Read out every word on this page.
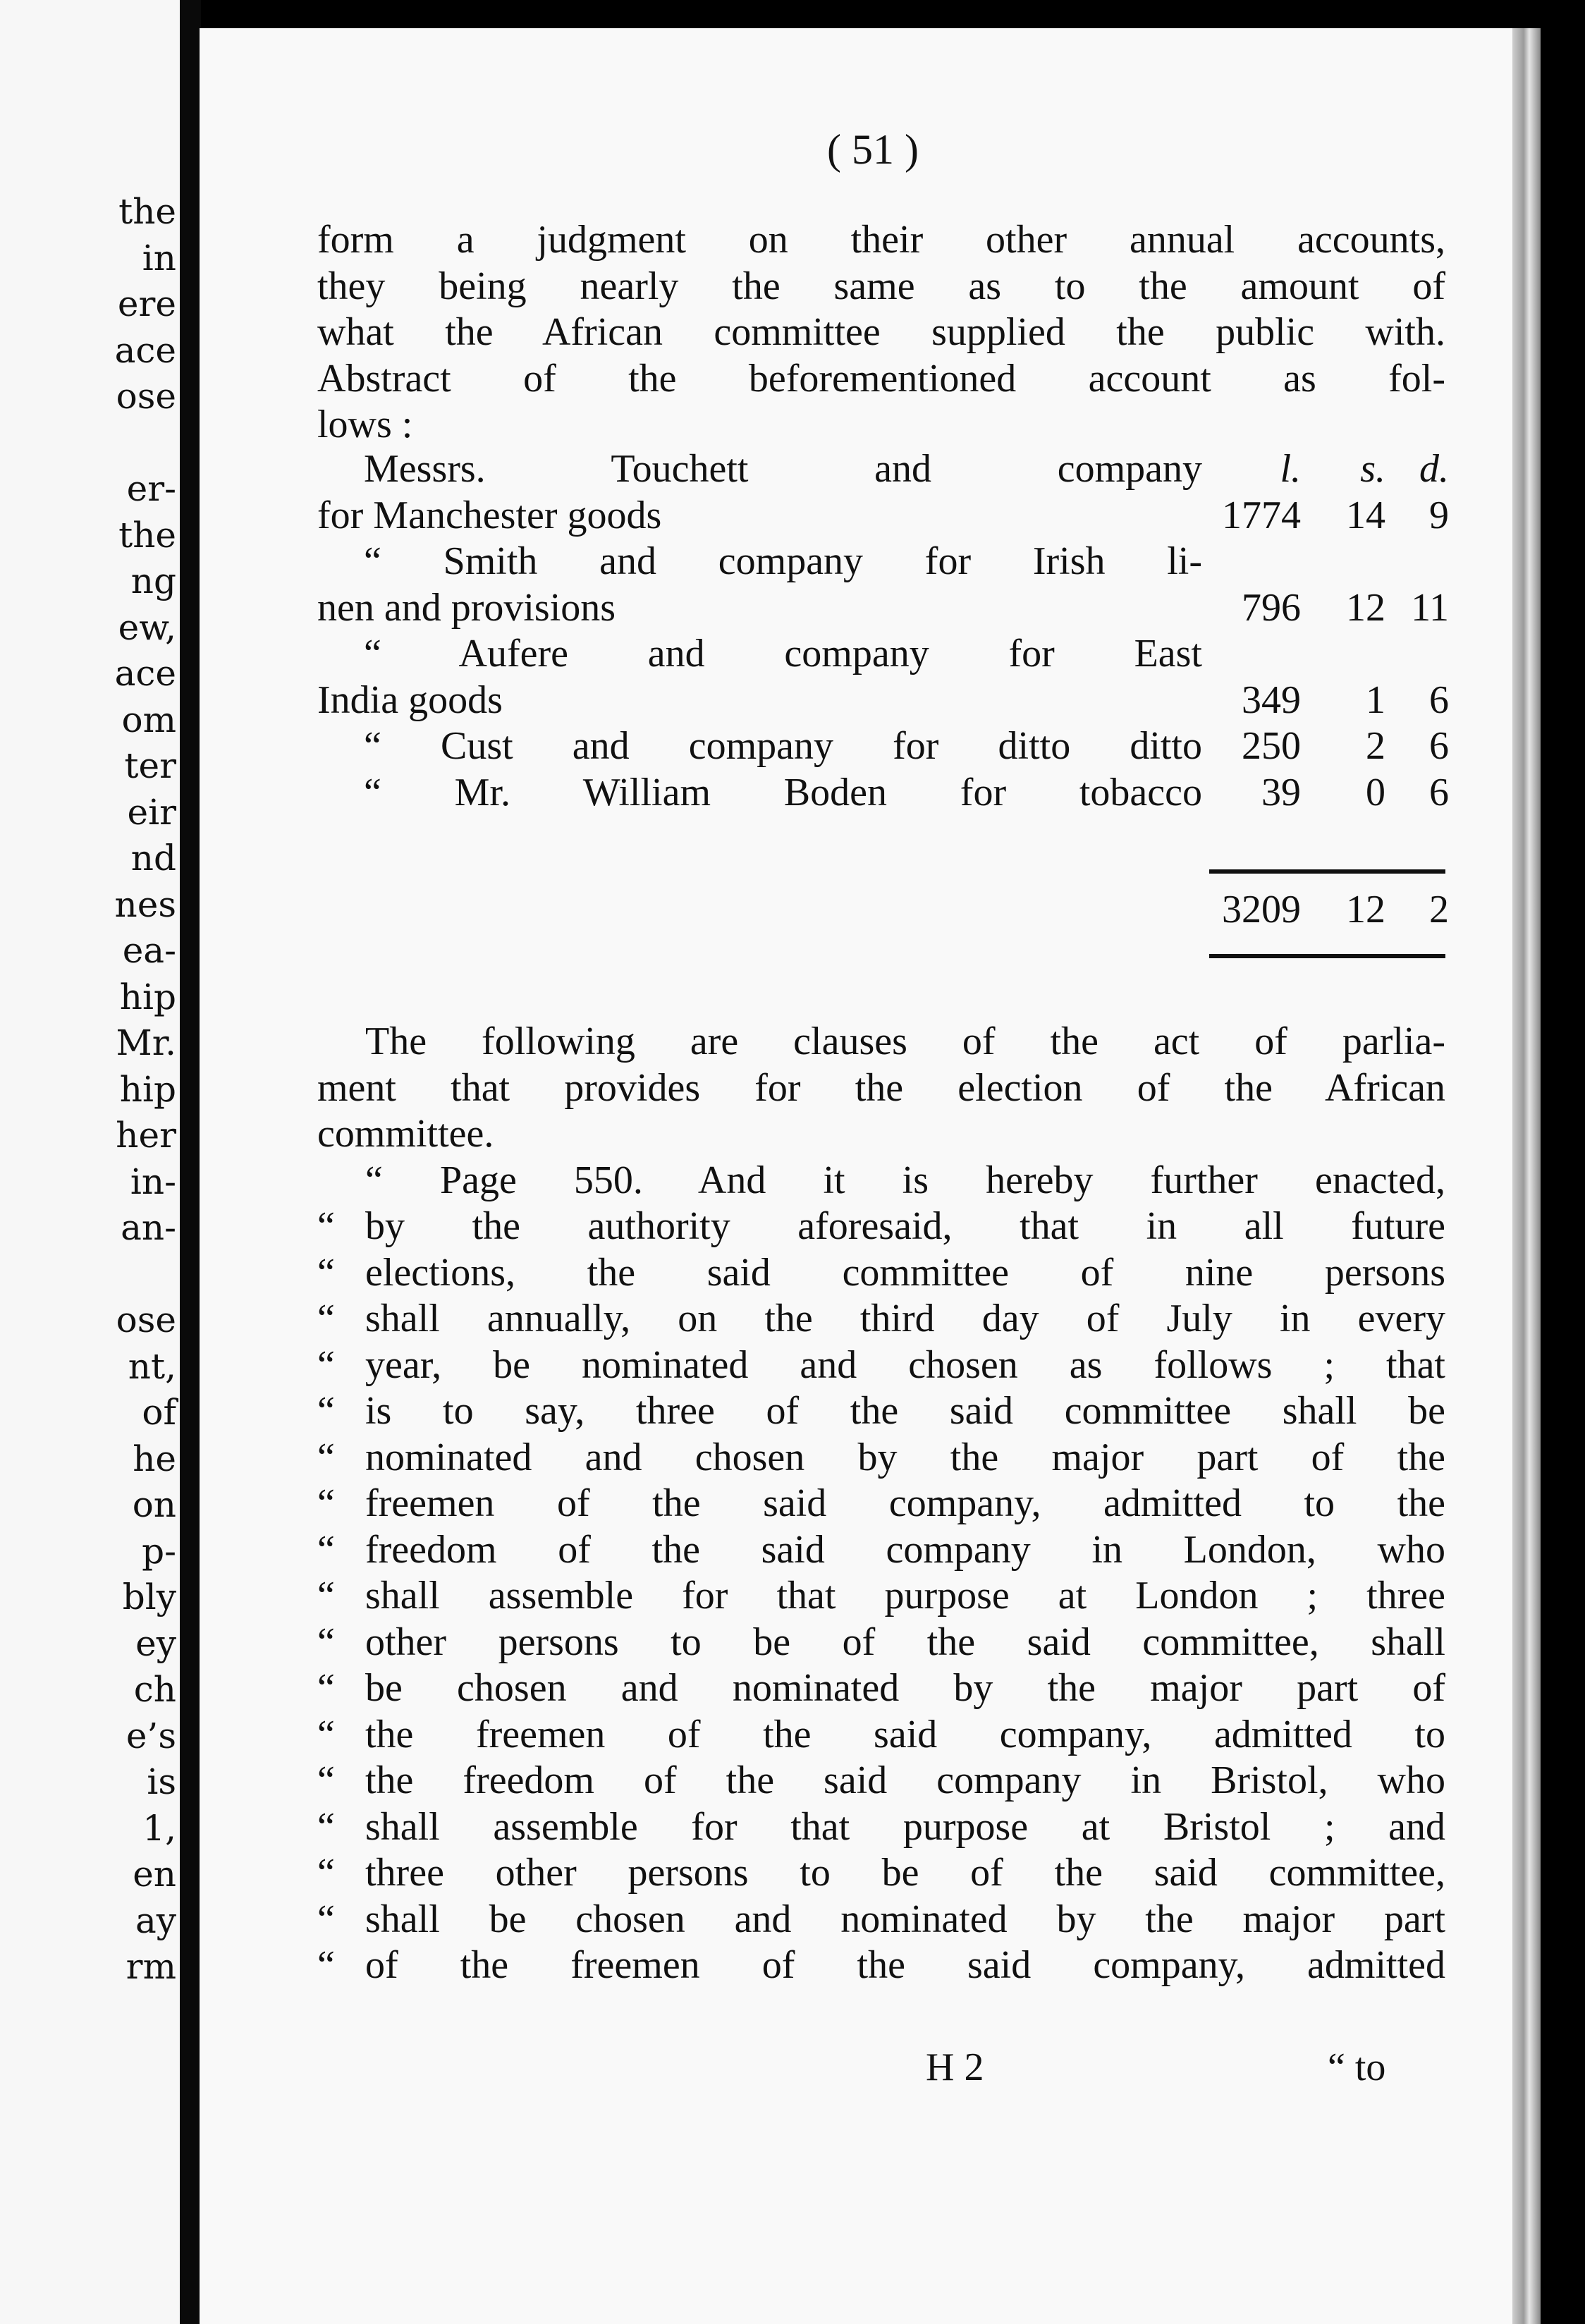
the
in
ere
ace
ose
er-
the
ng
ew,
ace
om
ter
eir
nd
nes
ea-
hip
Mr.
hip
her
in-
an-
ose
nt,
of
he
on
p-
bly
ey
ch
e’s
is
1,
en
ay
rm
( 51 )
form a judgment on their other annual accounts,
they being nearly the same as to the amount of
what the African committee supplied the public with.
Abstract of the beforementioned account as fol-
lows :
Messrs. Touchett and company	l.	s. d.
for Manchester goods	1774	14	9
“ Smith and company for Irish li-
nen and provisions	796	12 11
“ Aufere and company for East
India goods	349	1	6
“ Cust and company for ditto ditto	250	2	6
“ Mr. William Boden for tobacco	39	0	6
3209	12	2
The following are clauses of the act of parlia-
ment that provides for the election of the African
committee.
“ Page 550. And it is hereby further enacted,
“ by the authority aforesaid, that in all future
“ elections, the said committee of nine persons
“ shall annually, on the third day of July in every
“ year, be nominated and chosen as follows ; that
“ is to say, three of the said committee shall be
“ nominated and chosen by the major part of the
“ freemen of the said company, admitted to the
“ freedom of the said company in London, who
“ shall assemble for that purpose at London ; three
“ other persons to be of the said committee, shall
“ be chosen and nominated by the major part of
“ the freemen of the said company, admitted to
“ the freedom of the said company in Bristol, who
“ shall assemble for that purpose at Bristol ; and
“ three other persons to be of the said committee,
“ shall be chosen and nominated by the major part
“ of the freemen of the said company, admitted
H 2	“ to
